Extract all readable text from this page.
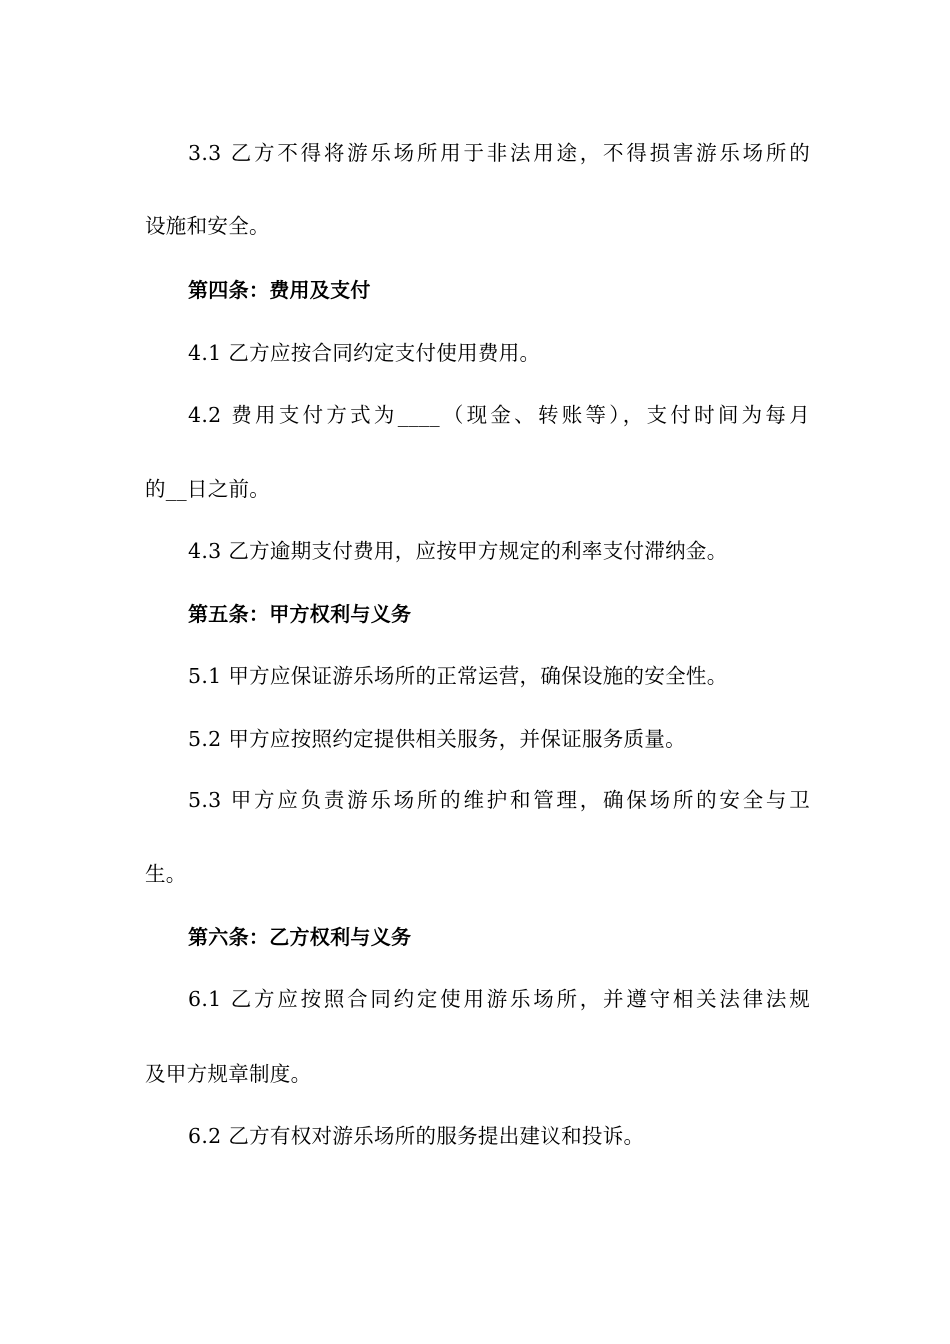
3.3 乙方不得将游乐场所用于非法用途，不得损害游乐场所的
设施和安全。
第四条：费用及支付
4.1 乙方应按合同约定支付使用费用。
4.2 费用支付方式为____（现金、转账等），支付时间为每月
的__日之前。
4.3 乙方逾期支付费用，应按甲方规定的利率支付滞纳金。
第五条：甲方权利与义务
5.1 甲方应保证游乐场所的正常运营，确保设施的安全性。
5.2 甲方应按照约定提供相关服务，并保证服务质量。
5.3 甲方应负责游乐场所的维护和管理，确保场所的安全与卫
生。
第六条：乙方权利与义务
6.1 乙方应按照合同约定使用游乐场所，并遵守相关法律法规
及甲方规章制度。
6.2 乙方有权对游乐场所的服务提出建议和投诉。
